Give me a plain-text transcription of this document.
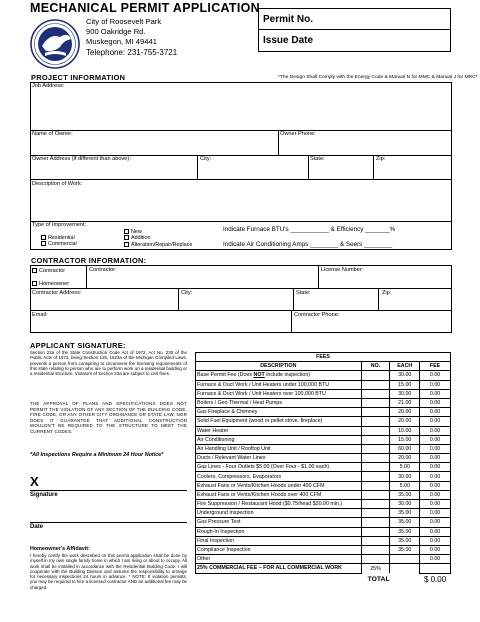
MECHANICAL PERMIT APPLICATION
City of Roosevelt Park
900 Oakridge Rd.
Muskegon, MI 49441
Telephone: 231-755-3721
Permit No.
Issue Date
PROJECT INFORMATION	*The Design Shall Comply with the Energy Code & Manual N for MMC & Manual J for MRC*
Job Address:
Name of Owner:	Owner Phone:
Owner Address (if different than above):	City:	State:	Zip:
Description of Work:
Type of Improvement:
Residential
Commercial
New
Addition
Alteration/Repair/Replace
Indicate Furnace BTU's ___________ & Efficiency _______%
Indicate Air Conditioning Amps ________ & Seers ________
CONTRACTOR INFORMATION:
Contractor
Homeowner
Contractor:	License Number:
Contractor Address:	City:	State:	Zip:
Email:	Contractor Phone:
APPLICANT SIGNATURE:
Section 23a of the State Construction Code Act of 1972, Act No. 230 of the Public Acts of 1972, being Section 125, 1523a of the Michigan Compiled Laws, prevents a person from conspiring to circumvent the licensing requirements of this state relating to person who are to perform work on a residential building or a residential structure. Violators of Section 23a are subject to civil fines.
THE APPROVAL OF PLANS AND SPECIFICATIONS DOES NOT PERMIT THE VIOLATION OF ANY SECTION OF THE BUILDING CODE, FIRE CODE, OR ANY OTHER CITY ORDINANCE OR STATE LAW, NOR DOES IT GUARANTEE THAT ADDITIONAL CONSTRUCTION WOULDN'T BE REQUIRED TO THE STRUCTURE TO MEET THE CURRENT CODES.
*All Inspections Require a Minimum 24 Hour Notice*
X
Signature
Date
Homeowner's Affidavit:
I hereby certify the work described on this permit application shall be done by myself in my own single family home in which I am living or about to occupy. All work shall be installed in accordance with the Residential Building Code. I will cooperate with the Building Division and assume the responsibility to arrange for necessary inspections 24 hours in advance. * NOTE: If violation persists, you may be required to hire a licensed contractor AND an additional fee may be charged.
FEES			
DESCRIPTION	NO.	EACH	FEE
Base Permit Fee (Does NOT include inspection)		30.00	0.00
Furnace & Duct Work / Unit Heaters under 100,000 BTU		15.00	0.00
Furnace & Duct Work / Unit Heaters over 100,000 BTU		30.00	0.00
Boilers / Geo Thermal / Heat Pumps		21.00	0.00
Gas Fireplace & Chimney		20.00	0.00
Solid Fuel Equipment (wood or pellet stove, fireplace)		20.00	0.00
Water Heater		10.00	0.00
Air Conditioning		15.00	0.00
Air Handling Unit / Rooftop Unit		60.00	0.00
Ducts / Relevant Water Lines		20.00	0.00
Gas Lines - Four Outlets $5.00 (Over Four - $1.00 each)		5.00	0.00
Coolers, Compressors, Evaporators		30.00	0.00
Exhaust Fans or Vents/Kitchen Hoods under 400 CFM		5.00	0.00
Exhaust Fans or Vents/Kitchen Hoods over 400 CFM		35.00	0.00
Fire Suppression / Restaurant Hood ($0.75/head $30.00 min.)		30.00	0.00
Underground Inspection		35.00	0.00
Gas Pressure Test		35.00	0.00
Rough-In Inspection		35.00	0.00
Final Inspection		35.00	0.00
Compliance Inspection		35.00	0.00
Other			0.00
25% COMMERCIAL FEE – FOR ALL COMMERCIAL WORK	25%		
TOTAL			$ 0.00
